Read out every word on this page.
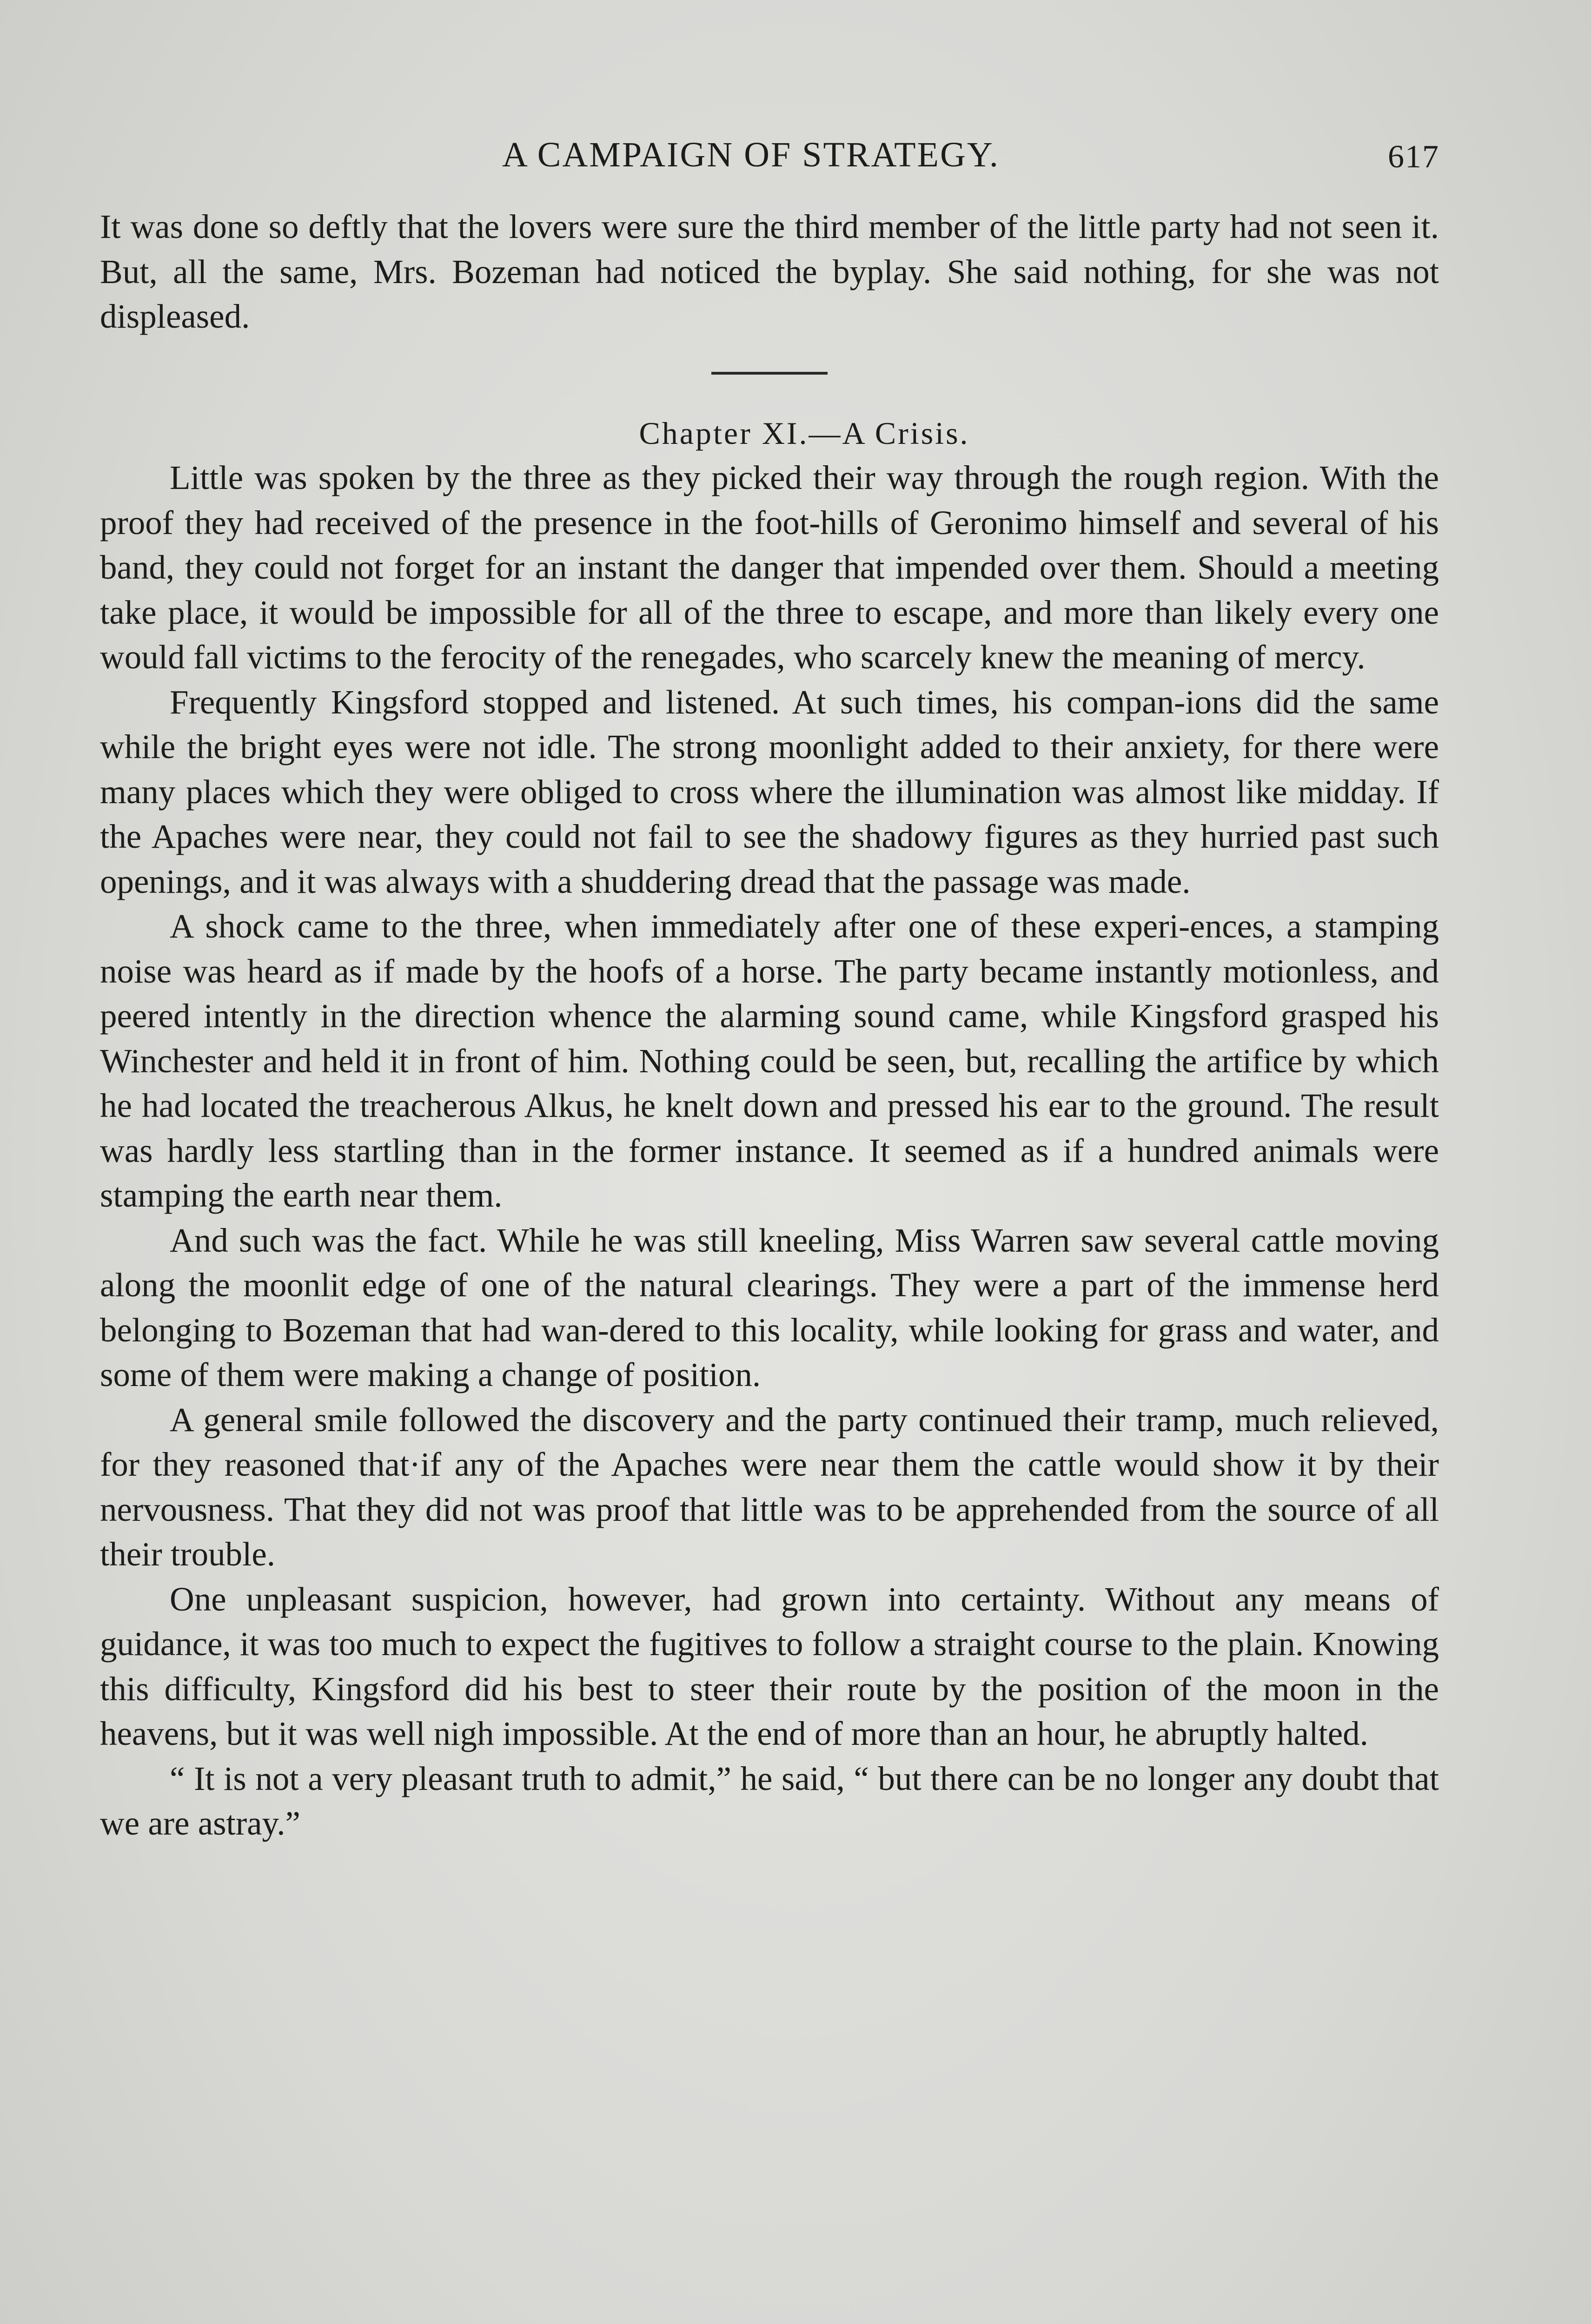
A CAMPAIGN OF STRATEGY.	617

It was done so deftly that the lovers were sure the third member of the little party had not seen it. But, all the same, Mrs. Bozeman had noticed the byplay. She said nothing, for she was not displeased.

Chapter XI.—A Crisis.

Little was spoken by the three as they picked their way through the rough region. With the proof they had received of the presence in the foot-hills of Geronimo himself and several of his band, they could not forget for an instant the danger that impended over them. Should a meeting take place, it would be impossible for all of the three to escape, and more than likely every one would fall victims to the ferocity of the renegades, who scarcely knew the meaning of mercy.

Frequently Kingsford stopped and listened. At such times, his compan-ions did the same while the bright eyes were not idle. The strong moonlight added to their anxiety, for there were many places which they were obliged to cross where the illumination was almost like midday. If the Apaches were near, they could not fail to see the shadowy figures as they hurried past such openings, and it was always with a shuddering dread that the passage was made.

A shock came to the three, when immediately after one of these experi-ences, a stamping noise was heard as if made by the hoofs of a horse. The party became instantly motionless, and peered intently in the direction whence the alarming sound came, while Kingsford grasped his Winchester and held it in front of him. Nothing could be seen, but, recalling the artifice by which he had located the treacherous Alkus, he knelt down and pressed his ear to the ground. The result was hardly less startling than in the former instance. It seemed as if a hundred animals were stamping the earth near them.

And such was the fact. While he was still kneeling, Miss Warren saw several cattle moving along the moonlit edge of one of the natural clearings. They were a part of the immense herd belonging to Bozeman that had wan-dered to this locality, while looking for grass and water, and some of them were making a change of position.

A general smile followed the discovery and the party continued their tramp, much relieved, for they reasoned that·if any of the Apaches were near them the cattle would show it by their nervousness. That they did not was proof that little was to be apprehended from the source of all their trouble.

One unpleasant suspicion, however, had grown into certainty. Without any means of guidance, it was too much to expect the fugitives to follow a straight course to the plain. Knowing this difficulty, Kingsford did his best to steer their route by the position of the moon in the heavens, but it was well nigh impossible. At the end of more than an hour, he abruptly halted.

“ It is not a very pleasant truth to admit,” he said, “ but there can be no longer any doubt that we are astray.”
